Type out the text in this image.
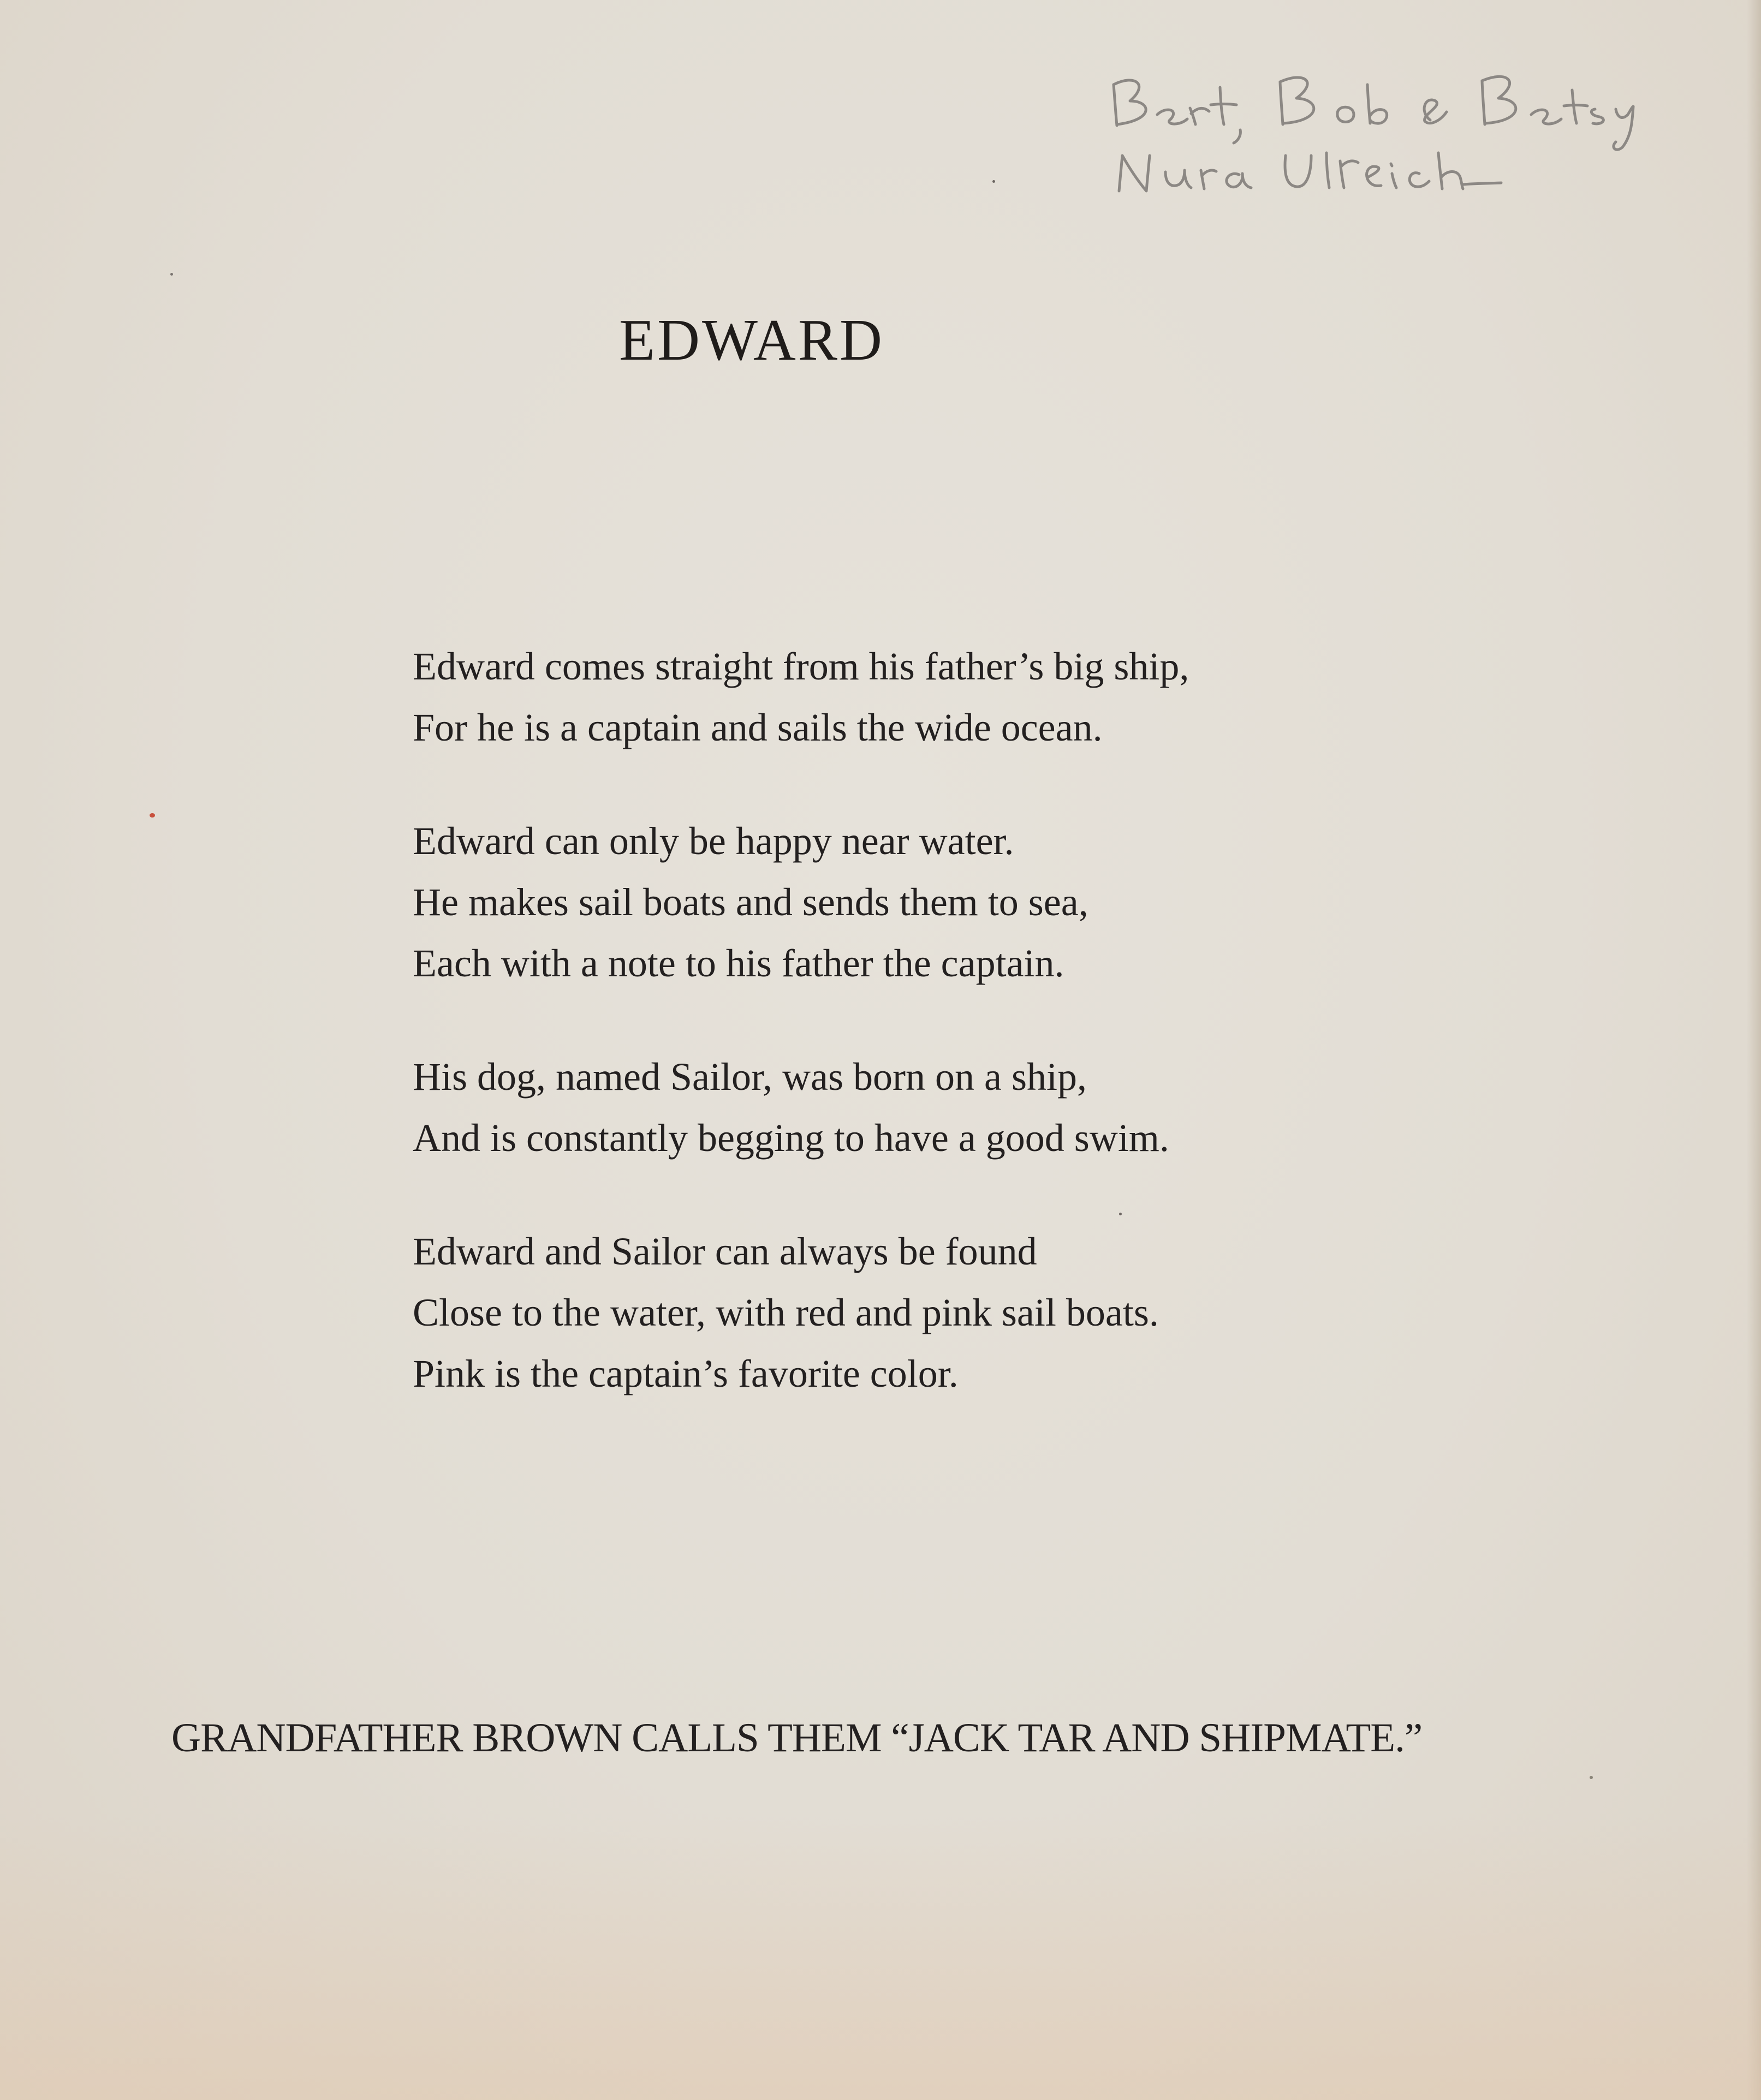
EDWARD
Edward comes straight from his father’s big ship,
For he is a captain and sails the wide ocean.
Edward can only be happy near water.
He makes sail boats and sends them to sea,
Each with a note to his father the captain.
His dog, named Sailor, was born on a ship,
And is constantly begging to have a good swim.
Edward and Sailor can always be found
Close to the water, with red and pink sail boats.
Pink is the captain’s favorite color.
GRANDFATHER BROWN CALLS THEM “JACK TAR AND SHIPMATE.”
